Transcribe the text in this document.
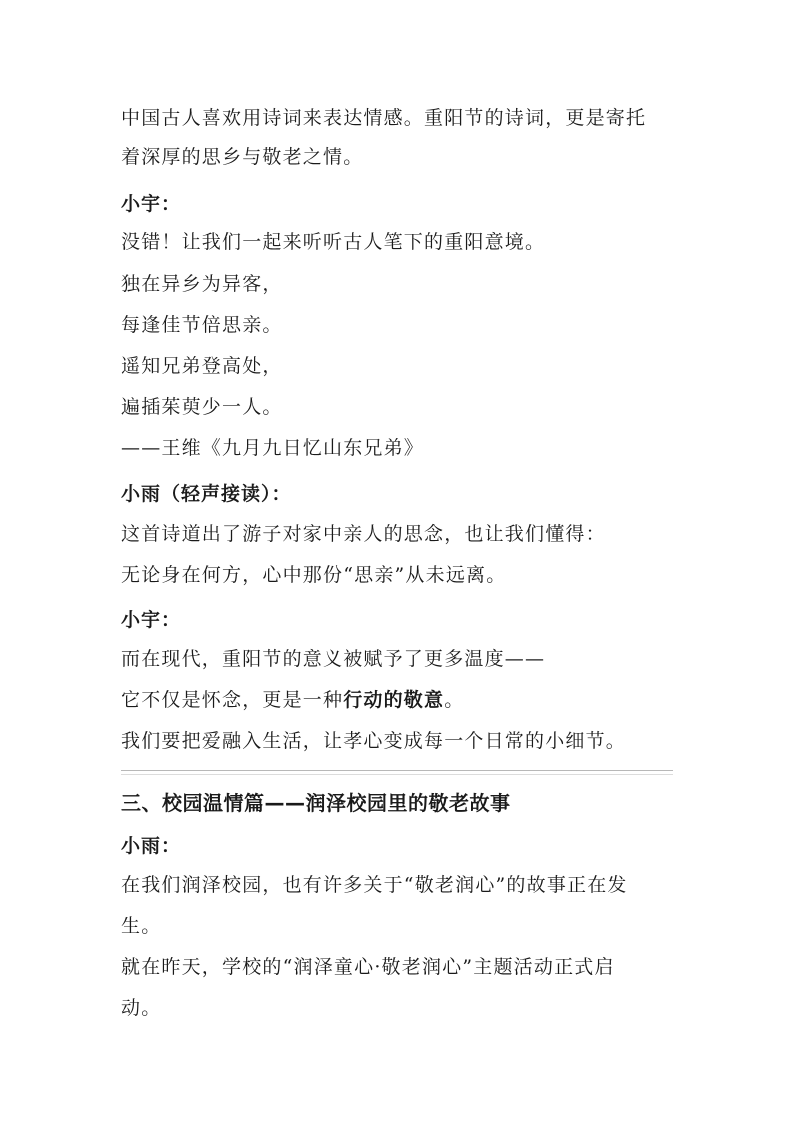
中国古人喜欢用诗词来表达情感。重阳节的诗词，更是寄托
着深厚的思乡与敬老之情。
小宇：
没错！让我们一起来听听古人笔下的重阳意境。
独在异乡为异客，
每逢佳节倍思亲。
遥知兄弟登高处，
遍插茱萸少一人。
——王维《九月九日忆山东兄弟》
小雨（轻声接读）：
这首诗道出了游子对家中亲人的思念，也让我们懂得：
无论身在何方，心中那份“思亲”从未远离。
小宇：
而在现代，重阳节的意义被赋予了更多温度——
它不仅是怀念，更是一种行动的敬意。
我们要把爱融入生活，让孝心变成每一个日常的小细节。
三、校园温情篇——润泽校园里的敬老故事
小雨：
在我们润泽校园，也有许多关于“敬老润心”的故事正在发
生。
就在昨天，学校的“润泽童心·敬老润心”主题活动正式启
动。
